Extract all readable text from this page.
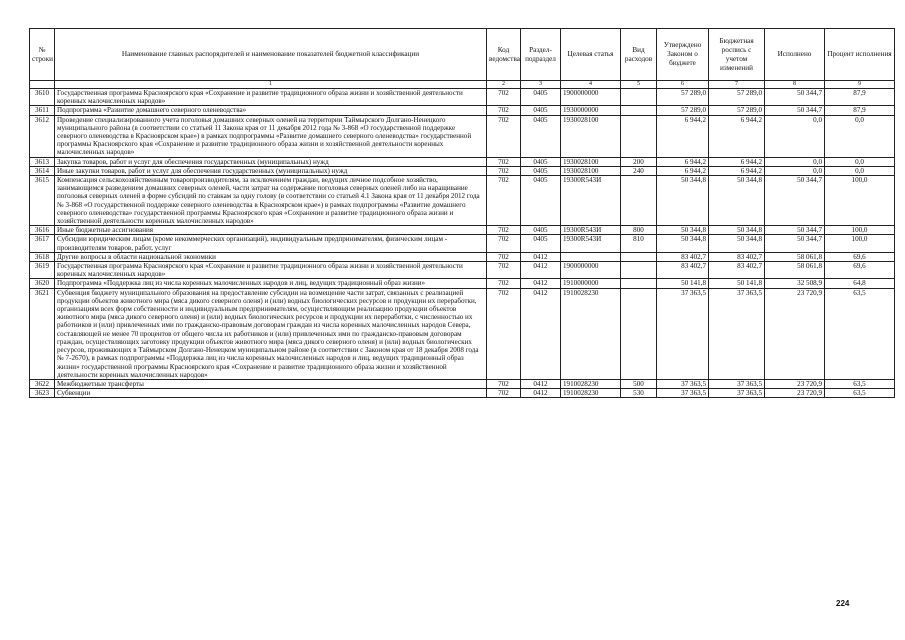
№ строки	Наименование главных распорядителей и наименование показателей бюджетной классификации	Код ведомства	Раздел-подраздел	Целевая статья	Вид расходов	Утверждено Законом о бюджете	Бюджетная роспись с учетом изменений	Исполнено	Процент исполнения
	1	2	3	4	5	6	7	8	9
3610	Государственная программа Красноярского края «Сохранение и развитие традиционного образа жизни и хозяйственной деятельности коренных малочисленных народов»	702	0405	1900000000		57 289,0	57 289,0	50 344,7	87,9
3611	Подпрограмма «Развитие домашнего северного оленеводства»	702	0405	1930000000		57 289,0	57 289,0	50 344,7	87,9
3612	Проведение специализированного учета поголовья домашних северных оленей на территории Таймырского Долгано-Ненецкого муниципального района (в соответствии со статьей 11 Закона края от 11 декабря 2012 года № 3-868 «О государственной поддержке северного оленеводства в Красноярском крае») в рамках подпрограммы «Развитие домашнего северного оленеводства» государственной программы Красноярского края «Сохранение и развитие традиционного образа жизни и хозяйственной деятельности коренных малочисленных народов»	702	0405	1930028100		6 944,2	6 944,2	0,0	0,0
3613	Закупка товаров, работ и услуг для обеспечения государственных (муниципальных) нужд	702	0405	1930028100	200	6 944,2	6 944,2	0,0	0,0
3614	Иные закупки товаров, работ и услуг для обеспечения государственных (муниципальных) нужд	702	0405	1930028100	240	6 944,2	6 944,2	0,0	0,0
3615	Компенсация сельскохозяйственным товаропроизводителям, за исключением граждан, ведущих личное подсобное хозяйство, занимающимся разведением домашних северных оленей, части затрат на содержание поголовья северных оленей либо на наращивание поголовья северных оленей в форме субсидий по ставкам за одну голову (в соответствии со статьей 4.1 Закона края от 11 декабря 2012 года № 3-868 «О государственной поддержке северного оленеводства в Красноярском крае») в рамках подпрограммы «Развитие домашнего северного оленеводства» государственной программы Красноярского края «Сохранение и развитие традиционного образа жизни и хозяйственной деятельности коренных малочисленных народов»	702	0405	19300R543И		50 344,8	50 344,8	50 344,7	100,0
3616	Иные бюджетные ассигнования	702	0405	19300R543И	800	50 344,8	50 344,8	50 344,7	100,0
3617	Субсидии юридическим лицам (кроме некоммерческих организаций), индивидуальным предпринимателям, физическим лицам - производителям товаров, работ, услуг	702	0405	19300R543И	810	50 344,8	50 344,8	50 344,7	100,0
3618	Другие вопросы в области национальной экономики	702	0412			83 402,7	83 402,7	58 061,8	69,6
3619	Государственная программа Красноярского края «Сохранение и развитие традиционного образа жизни и хозяйственной деятельности коренных малочисленных народов»	702	0412	1900000000		83 402,7	83 402,7	58 061,8	69,6
3620	Подпрограмма «Поддержка лиц из числа коренных малочисленных народов и лиц, ведущих традиционный образ жизни»	702	0412	1910000000		50 141,8	50 141,8	32 508,9	64,8
3621	Субвенция бюджету муниципального образования на предоставление субсидии на возмещение части затрат, связанных с реализацией продукции объектов животного мира (мяса дикого северного оленя) и (или) водных биологических ресурсов и продукции их переработки, организациям всех форм собственности и индивидуальным предпринимателям, осуществляющим реализацию продукции объектов животного мира (мяса дикого северного оленя) и (или) водных биологических ресурсов и продукции их переработки, с численностью их работников и (или) привлеченных ими по гражданско-правовым договорам граждан из числа коренных малочисленных народов Севера, составляющей не менее 70 процентов от общего числа их работников и (или) привлеченных ими по гражданско-правовым договорам граждан, осуществляющих заготовку продукции объектов животного мира (мяса дикого северного оленя) и (или) водных биологических ресурсов, проживающих в Таймырском Долгано-Ненецком муниципальном районе (в соответствии с Законом края от 18 декабря 2008 года № 7-2670), в рамках подпрограммы «Поддержка лиц из числа коренных малочисленных народов и лиц, ведущих традиционный образ жизни» государственной программы Красноярского края «Сохранение и развитие традиционного образа жизни и хозяйственной деятельности коренных малочисленных народов»	702	0412	1910028230		37 363,5	37 363,5	23 720,9	63,5
3622	Межбюджетные трансферты	702	0412	1910028230	500	37 363,5	37 363,5	23 720,9	63,5
3623	Субвенции	702	0412	1910028230	530	37 363,5	37 363,5	23 720,9	63,5
224
